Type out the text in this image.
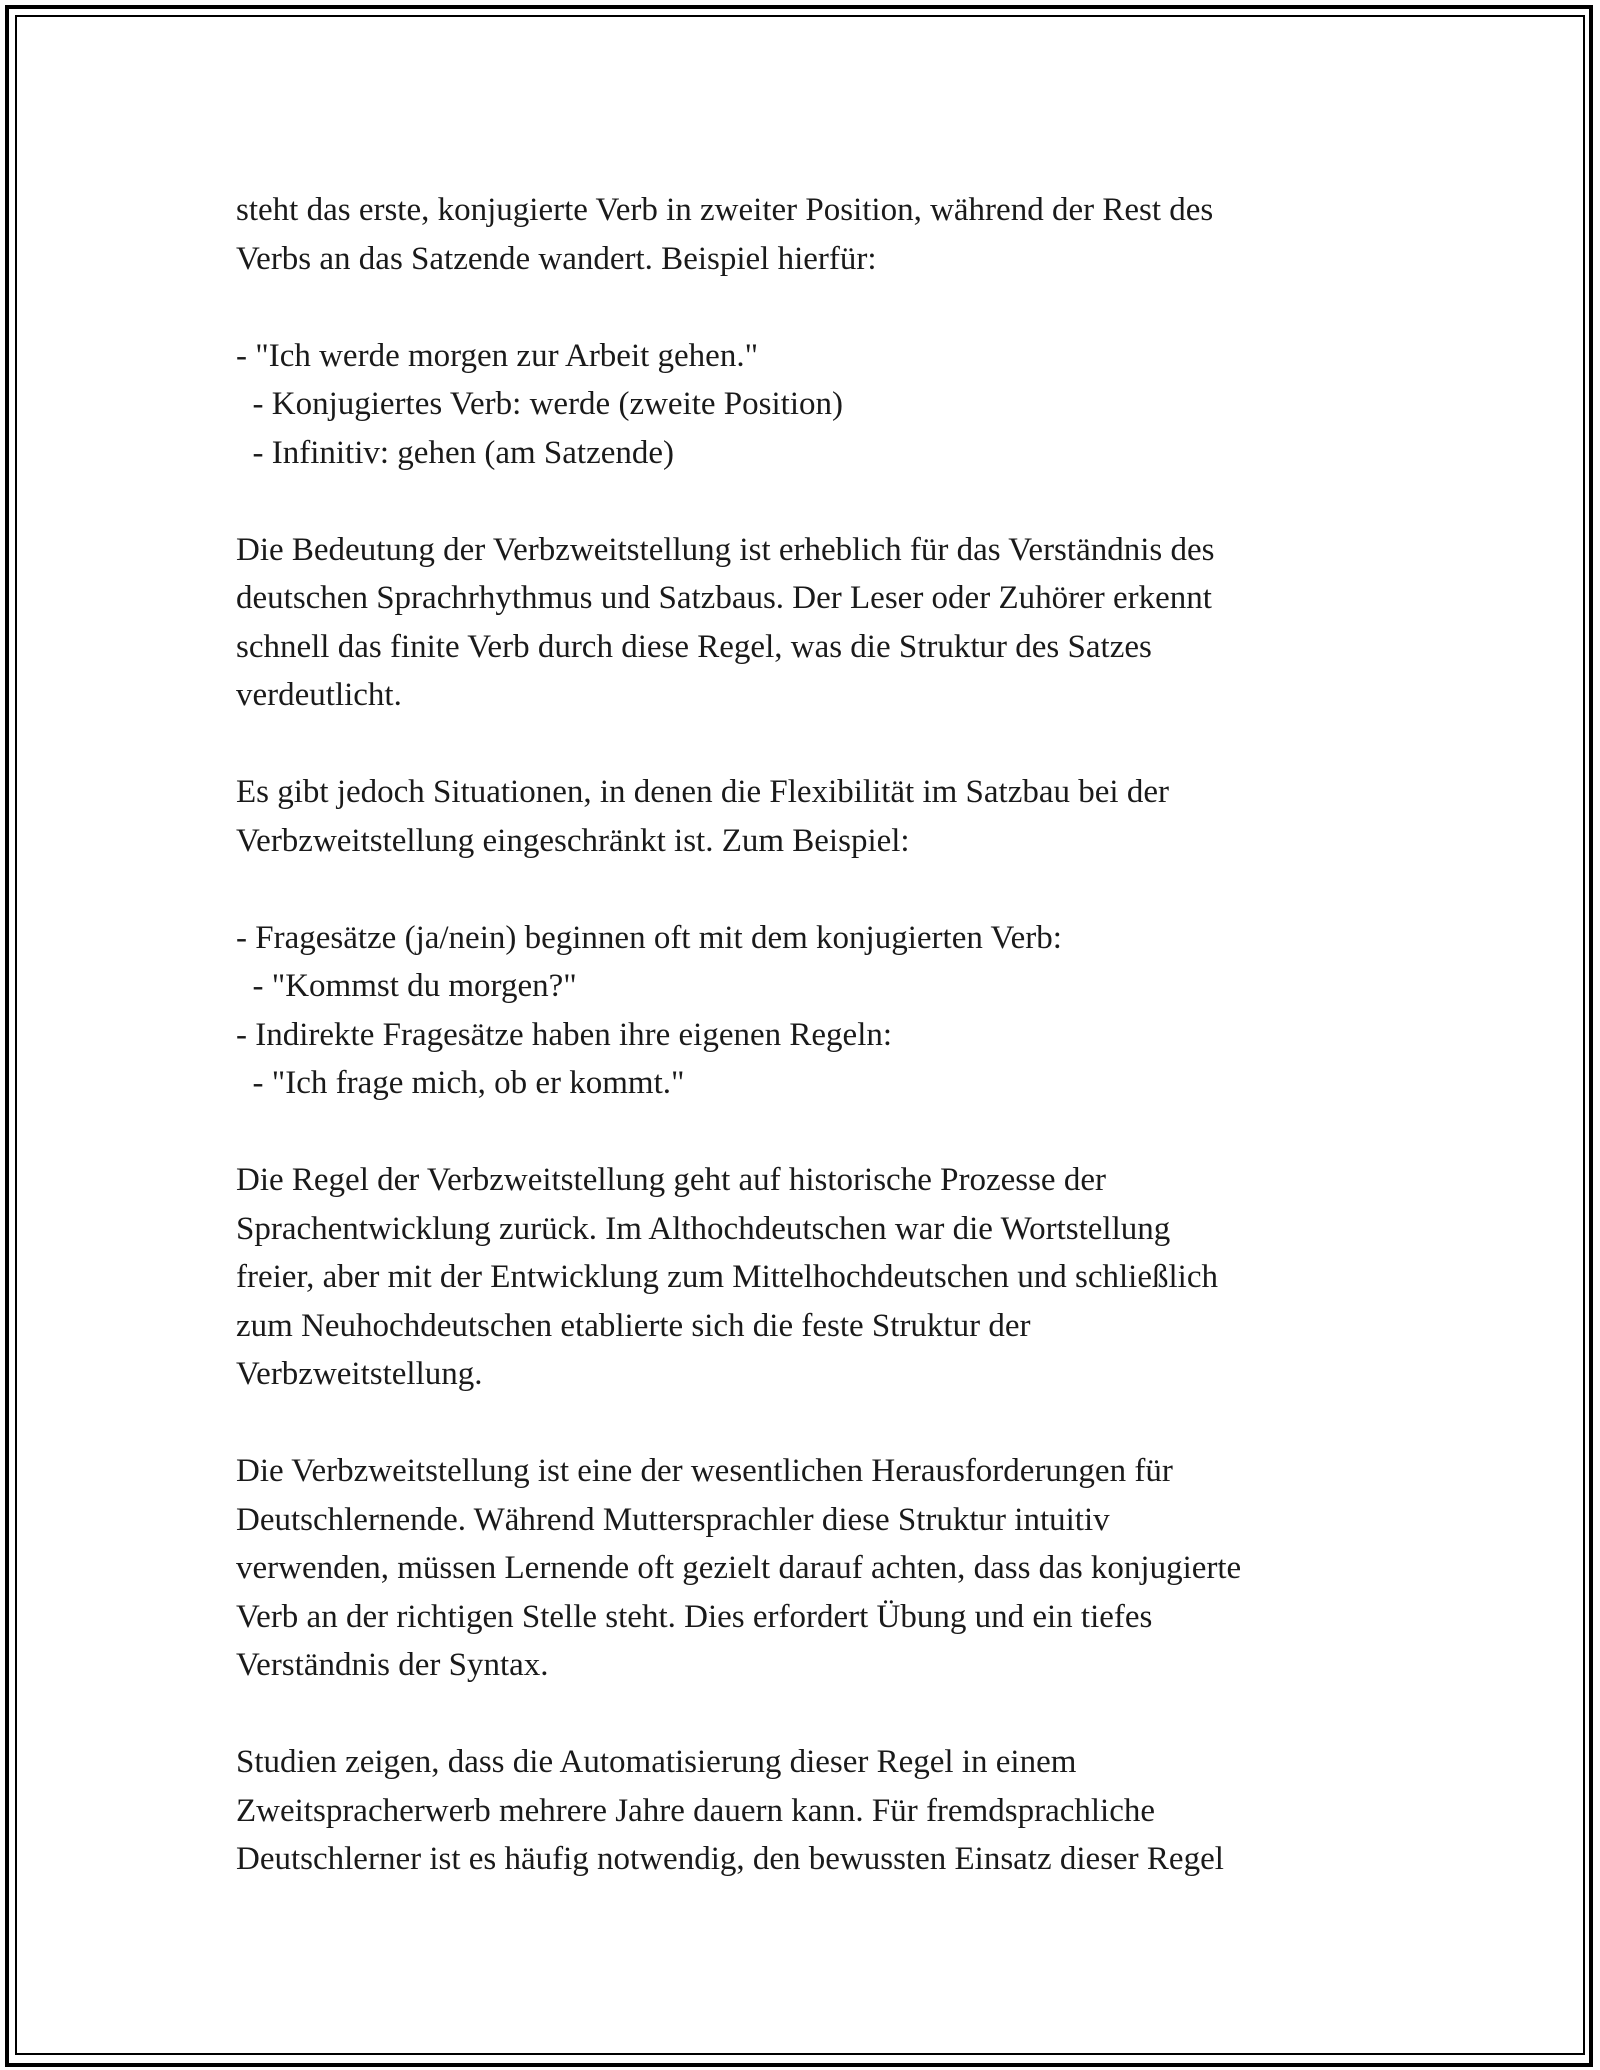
steht das erste, konjugierte Verb in zweiter Position, während der Rest des
Verbs an das Satzende wandert. Beispiel hierfür:
- "Ich werde morgen zur Arbeit gehen."
- Konjugiertes Verb: werde (zweite Position)
- Infinitiv: gehen (am Satzende)
Die Bedeutung der Verbzweitstellung ist erheblich für das Verständnis des
deutschen Sprachrhythmus und Satzbaus. Der Leser oder Zuhörer erkennt
schnell das finite Verb durch diese Regel, was die Struktur des Satzes
verdeutlicht.
Es gibt jedoch Situationen, in denen die Flexibilität im Satzbau bei der
Verbzweitstellung eingeschränkt ist. Zum Beispiel:
- Fragesätze (ja/nein) beginnen oft mit dem konjugierten Verb:
- "Kommst du morgen?"
- Indirekte Fragesätze haben ihre eigenen Regeln:
- "Ich frage mich, ob er kommt."
Die Regel der Verbzweitstellung geht auf historische Prozesse der
Sprachentwicklung zurück. Im Althochdeutschen war die Wortstellung
freier, aber mit der Entwicklung zum Mittelhochdeutschen und schließlich
zum Neuhochdeutschen etablierte sich die feste Struktur der
Verbzweitstellung.
Die Verbzweitstellung ist eine der wesentlichen Herausforderungen für
Deutschlernende. Während Muttersprachler diese Struktur intuitiv
verwenden, müssen Lernende oft gezielt darauf achten, dass das konjugierte
Verb an der richtigen Stelle steht. Dies erfordert Übung und ein tiefes
Verständnis der Syntax.
Studien zeigen, dass die Automatisierung dieser Regel in einem
Zweitspracherwerb mehrere Jahre dauern kann. Für fremdsprachliche
Deutschlerner ist es häufig notwendig, den bewussten Einsatz dieser Regel
